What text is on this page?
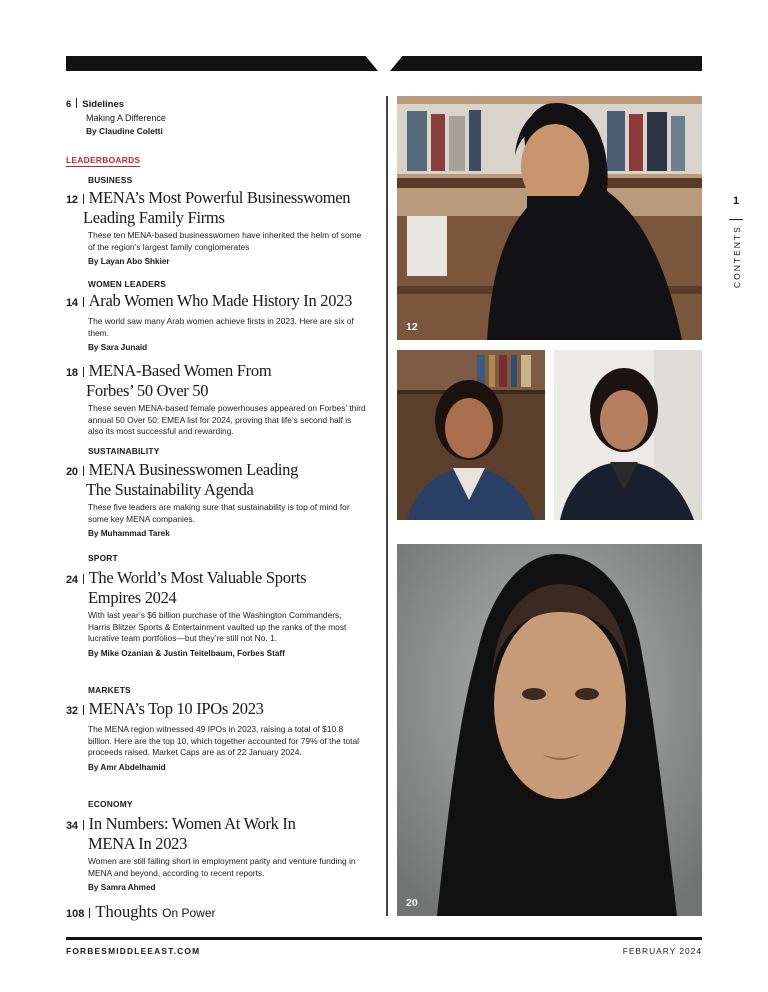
6 Sidelines
Making A Difference
By Claudine Coletti
LEADERBOARDS
BUSINESS
12 MENA’s Most Powerful Businesswomen
Leading Family Firms
These ten MENA-based businesswomen have inherited the helm of some of the region’s largest family conglomerates
By Layan Abo Shkier
WOMEN LEADERS
14 Arab Women Who Made History In 2023
The world saw many Arab women achieve firsts in 2023. Here are six of them.
By Sara Junaid
18 MENA-Based Women From
Forbes’ 50 Over 50
These seven MENA-based female powerhouses appeared on Forbes’ third annual 50 Over 50: EMEA list for 2024, proving that life’s second half is also its most successful and rewarding.
SUSTAINABILITY
20 MENA Businesswomen Leading
The Sustainability Agenda
These five leaders are making sure that sustainability is top of mind for some key MENA companies.
By Muhammad Tarek
SPORT
24 The World’s Most Valuable Sports
Empires 2024
With last year’s $6 billion purchase of the Washington Commanders, Harris Blitzer Sports & Entertainment vaulted up the ranks of the most lucrative team portfolios—but they’re still not No. 1.
By Mike Ozanian & Justin Teitelbaum, Forbes Staff
MARKETS
32 MENA’s Top 10 IPOs 2023
The MENA region witnessed 49 IPOs in 2023, raising a total of $10.8 billion. Here are the top 10, which together accounted for 79% of the total proceeds raised. Market Caps are as of 22 January 2024.
By Amr Abdelhamid
ECONOMY
34 In Numbers: Women At Work In
MENA In 2023
Women are still falling short in employment parity and venture funding in MENA and beyond, according to recent reports.
By Samra Ahmed
108 Thoughts On Power
12
20
1
CONTENTS
FORBESMIDDLEEAST.COM	FEBRUARY 2024
